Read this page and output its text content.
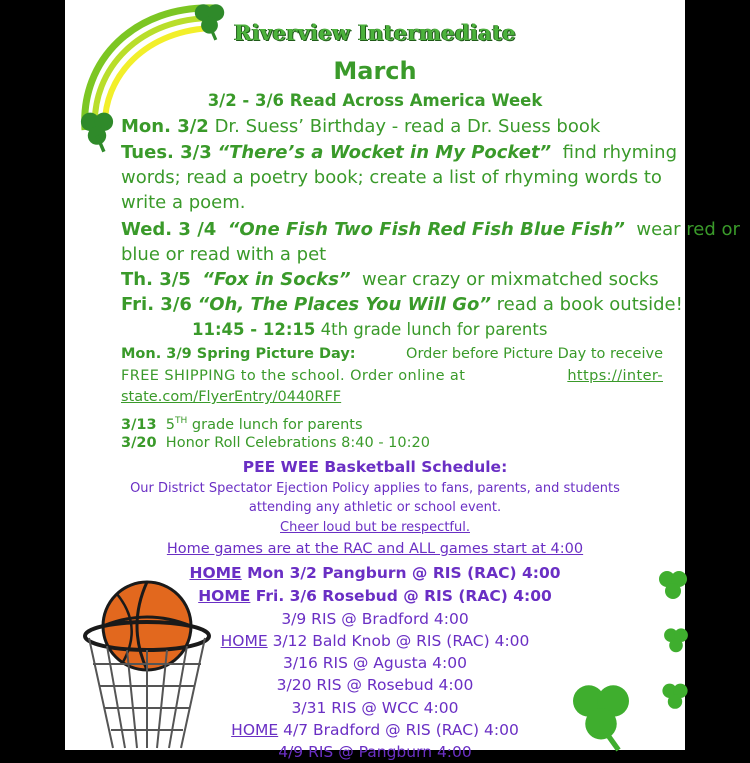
Riverview Intermediate
March
3/2 - 3/6 Read Across America Week
Mon. 3/2 Dr. Suess’ Birthday - read a Dr. Suess book
Tues. 3/3 “There’s a Wocket in My Pocket” find rhyming
words; read a poetry book; create a list of rhyming words to
write a poem.
Wed. 3 /4 “One Fish Two Fish Red Fish Blue Fish” wear red or
blue or read with a pet
Th. 3/5 “Fox in Socks” wear crazy or mixmatched socks
Fri. 3/6 “Oh, The Places You Will Go” read a book outside!
11:45 - 12:15 4th grade lunch for parents
Mon. 3/9 Spring Picture Day:	Order before Picture Day to receive
FREE SHIPPING to the school. Order online at	https://inter-
state.com/FlyerEntry/0440RFF
3/13 5TH grade lunch for parents
3/20 Honor Roll Celebrations 8:40 - 10:20
PEE WEE Basketball Schedule:
Our District Spectator Ejection Policy applies to fans, parents, and students
attending any athletic or school event.
Cheer loud but be respectful.
Home games are at the RAC and ALL games start at 4:00
HOME Mon 3/2 Pangburn @ RIS (RAC) 4:00
HOME Fri. 3/6 Rosebud @ RIS (RAC) 4:00
3/9 RIS @ Bradford 4:00
HOME 3/12 Bald Knob @ RIS (RAC) 4:00
3/16 RIS @ Agusta 4:00
3/20 RIS @ Rosebud 4:00
3/31 RIS @ WCC 4:00
HOME 4/7 Bradford @ RIS (RAC) 4:00
4/9 RIS @ Pangburn 4:00
